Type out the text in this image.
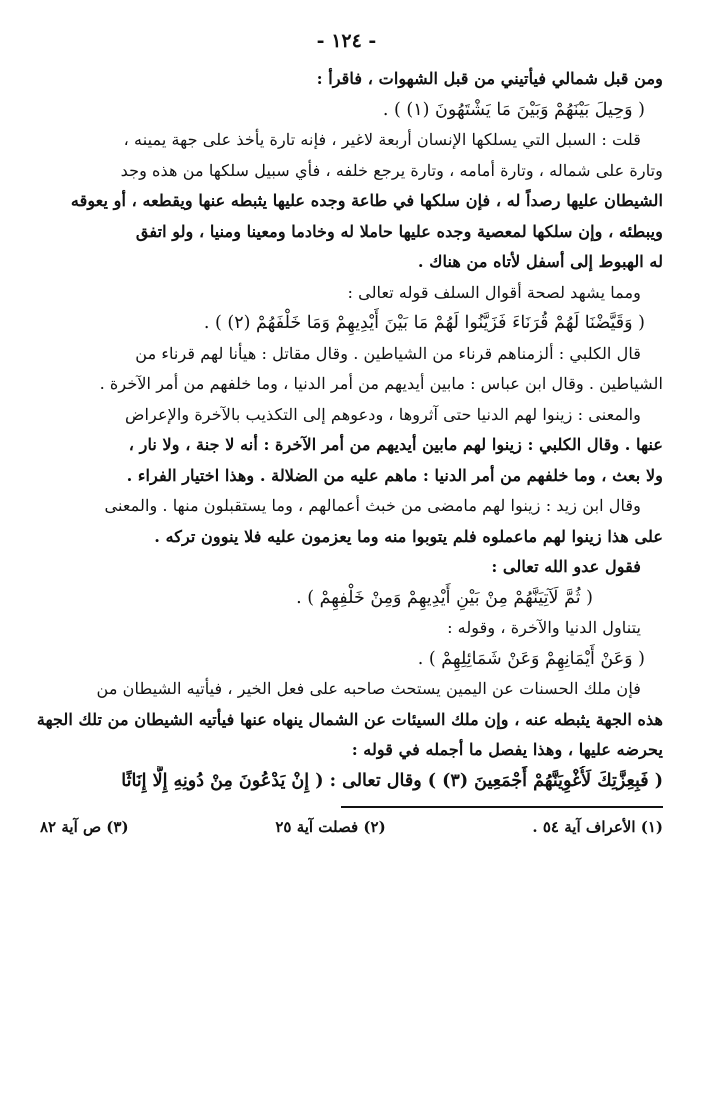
- ١٢٤ -
ومن قبل شمالي فيأتيني من قبل الشهوات ، فاقرأ :
( وَحِيلَ بَيْنَهُمْ وَبَيْنَ مَا يَشْتَهُونَ (١) ) .
قلت : السبل التي يسلكها الإنسان أربعة لاغير ، فإنه تارة يأخذ على جهة يمينه ،
وتارة على شماله ، وتارة أمامه ، وتارة يرجع خلفه ، فأي سبيل سلكها من هذه وجد
الشيطان عليها رصداً له ، فإن سلكها في طاعة وجده عليها يثبطه عنها ويقطعه ، أو يعوقه
ويبطئه ، وإن سلكها لمعصية وجده عليها حاملا له وخادما ومعينا ومنيا ، ولو اتفق
له الهبوط إلى أسفل لأتاه من هناك .
ومما يشهد لصحة أقوال السلف قوله تعالى :
( وَقَيَّضْنَا لَهُمْ قُرَنَاءَ فَزَيَّنُوا لَهُمْ مَا بَيْنَ أَيْدِيهِمْ وَمَا خَلْفَهُمْ (٢) ) .
قال الكلبي : ألزمناهم قرناء من الشياطين . وقال مقاتل : هيأنا لهم قرناء من
الشياطين . وقال ابن عباس : مابين أيديهم من أمر الدنيا ، وما خلفهم من أمر الآخرة .
والمعنى : زينوا لهم الدنيا حتى آثروها ، ودعوهم إلى التكذيب بالآخرة والإعراض
عنها . وقال الكلبي : زينوا لهم مابين أيديهم من أمر الآخرة : أنه لا جنة ، ولا نار ،
ولا بعث ، وما خلفهم من أمر الدنيا : ماهم عليه من الضلالة . وهذا اختيار الفراء .
وقال ابن زيد : زينوا لهم مامضى من خبث أعمالهم ، وما يستقبلون منها . والمعنى
على هذا زينوا لهم ماعملوه فلم يتوبوا منه وما يعزمون عليه فلا ينوون تركه .
فقول عدو الله تعالى :
( ثُمَّ لَآتِيَنَّهُمْ مِنْ بَيْنِ أَيْدِيهِمْ وَمِنْ خَلْفِهِمْ ) .
يتناول الدنيا والآخرة ، وقوله :
( وَعَنْ أَيْمَانِهِمْ وَعَنْ شَمَائِلِهِمْ ) .
فإن ملك الحسنات عن اليمين يستحث صاحبه على فعل الخير ، فيأتيه الشيطان من
هذه الجهة يثبطه عنه ، وإن ملك السيئات عن الشمال ينهاه عنها فيأتيه الشيطان من تلك الجهة
يحرضه عليها ، وهذا يفصل ما أجمله في قوله :
( فَبِعِزَّتِكَ لَأُغْوِيَنَّهُمْ أَجْمَعِينَ (٣) ) وقال تعالى : ( إِنْ يَدْعُونَ مِنْ دُونِهِ إِلَّا إِنَاثًا
(١) الأعراف آية ٥٤ .
(٢) فصلت آية ٢٥
(٣) ص آية ٨٢
